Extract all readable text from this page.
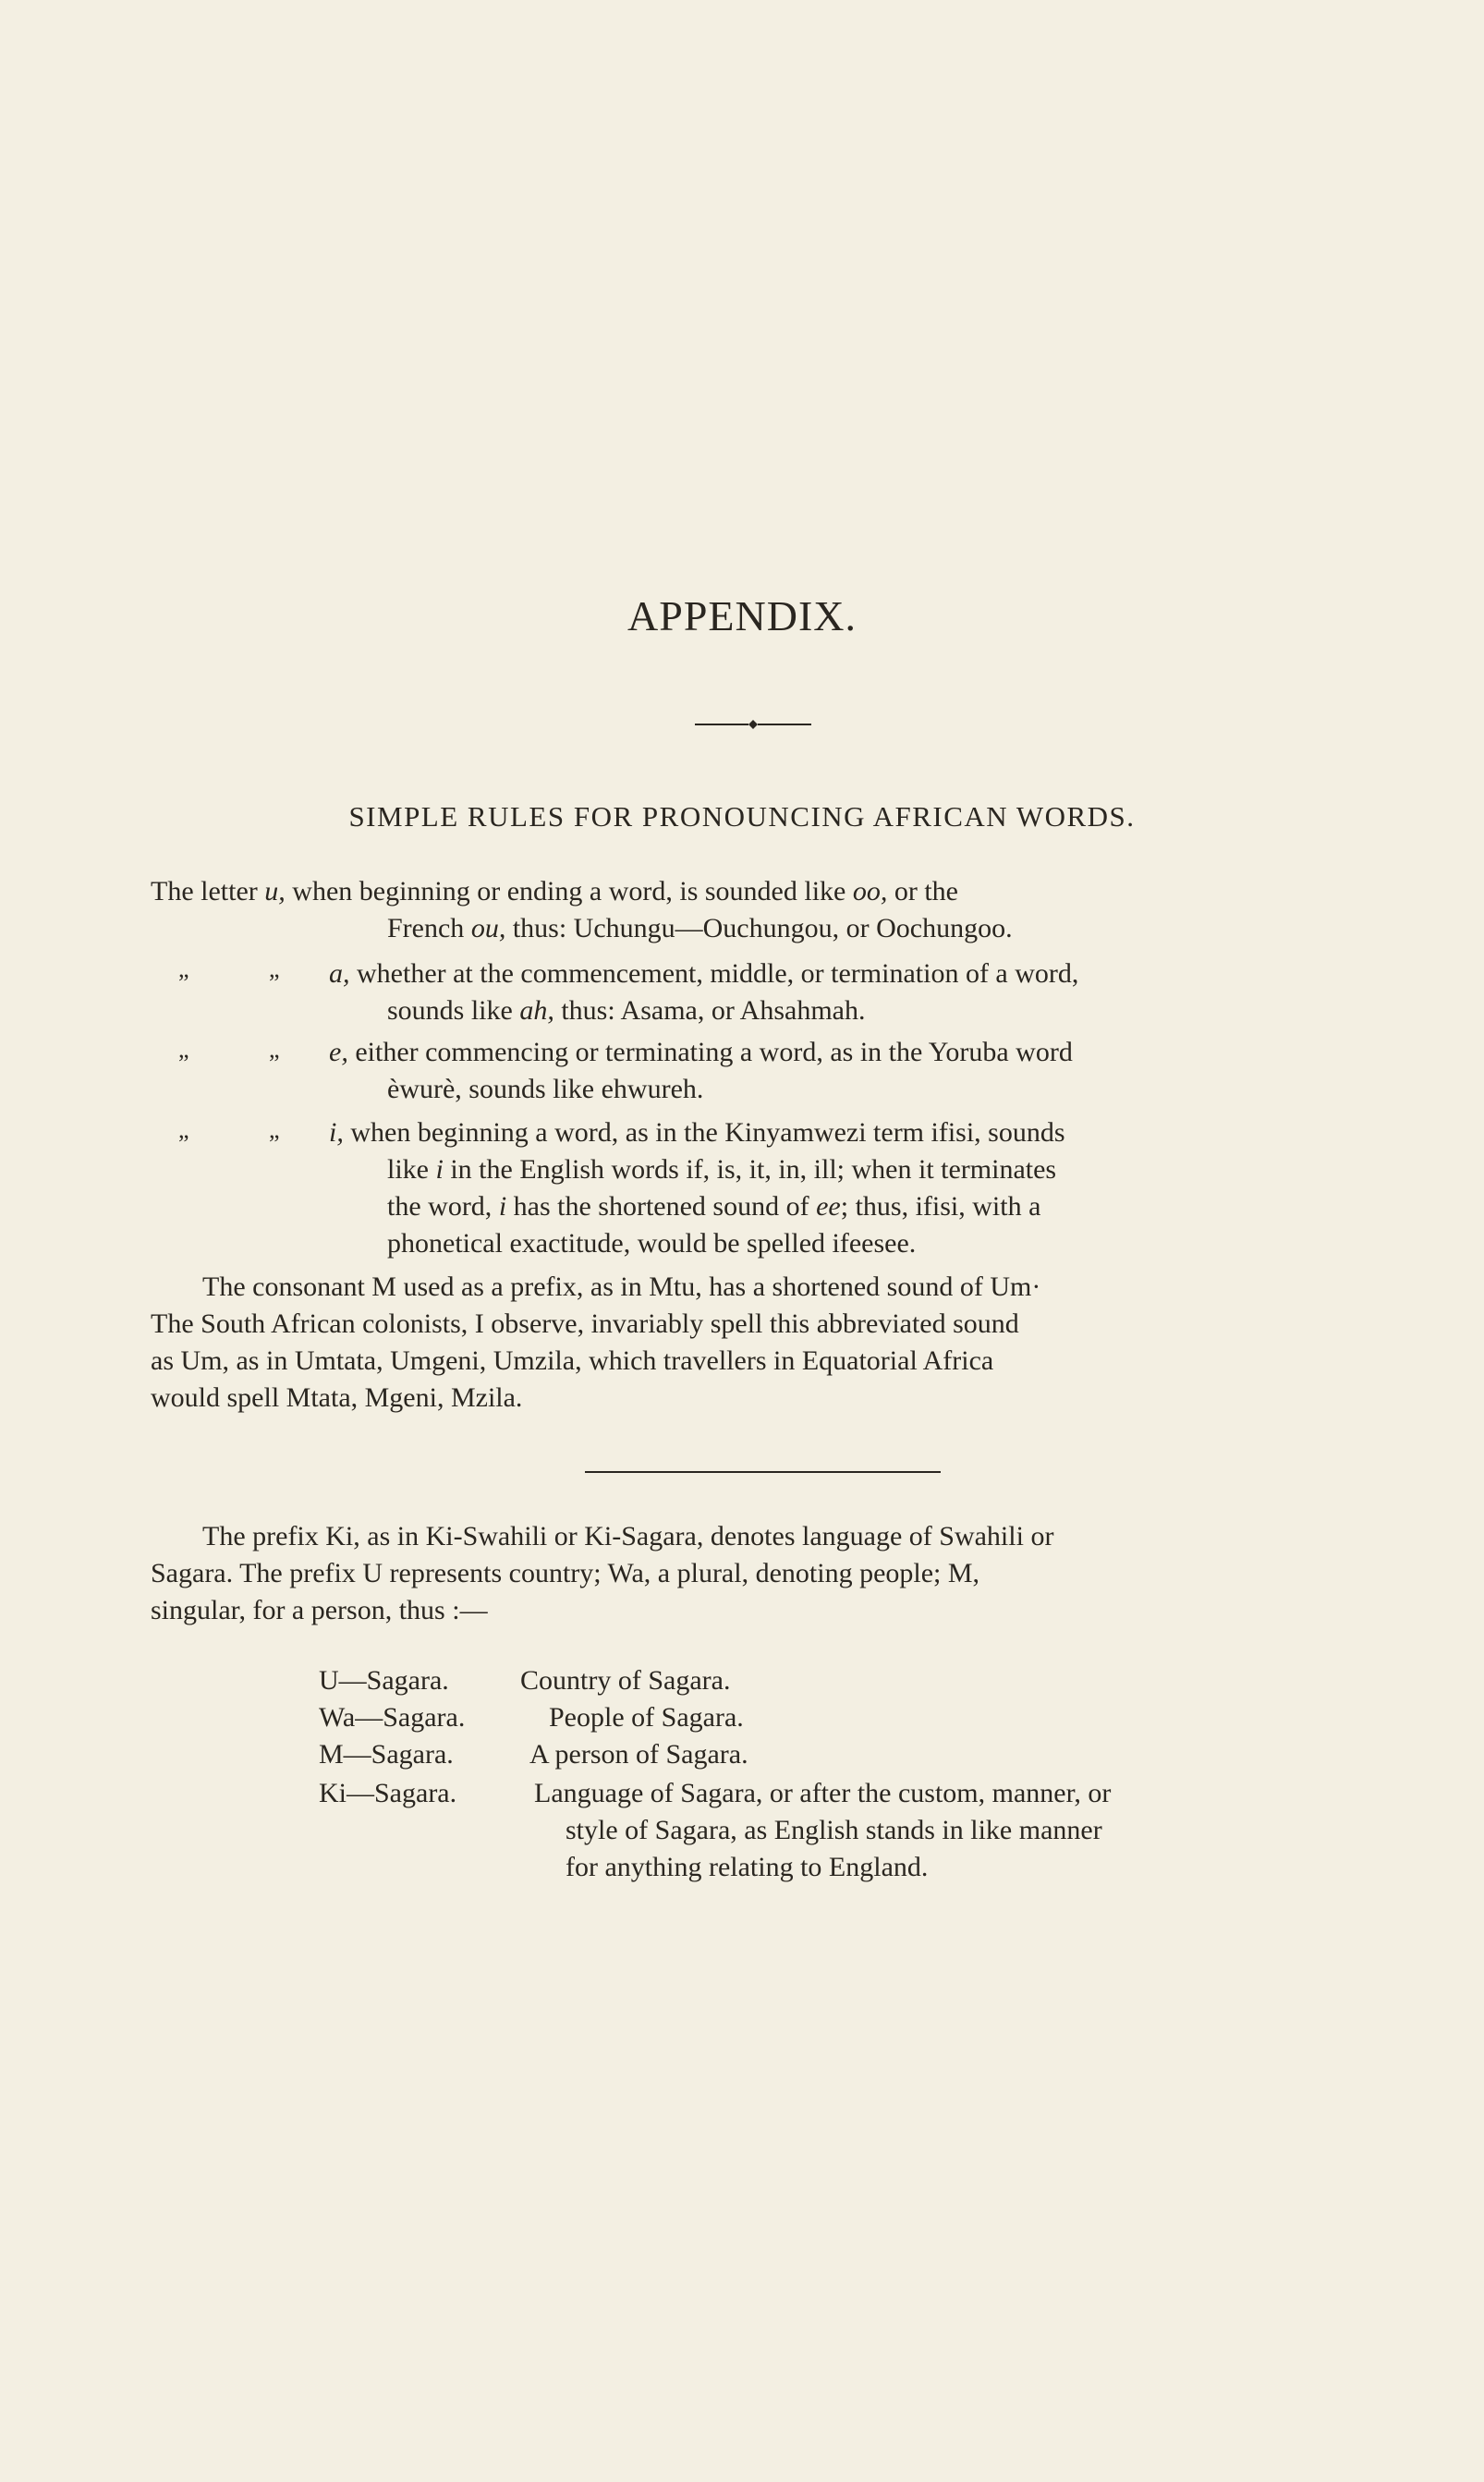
APPENDIX.
SIMPLE RULES FOR PRONOUNCING AFRICAN WORDS.
The letter u, when beginning or ending a word, is sounded like oo, or the
French ou, thus: Uchungu—Ouchungou, or Oochungoo.
„	„ a, whether at the commencement, middle, or termination of a word,
sounds like ah, thus: Asama, or Ahsahmah.
„	„ e, either commencing or terminating a word, as in the Yoruba word
èwurè, sounds like ehwureh.
„	„ i, when beginning a word, as in the Kinyamwezi term ifisi, sounds
like i in the English words if, is, it, in, ill; when it terminates
the word, i has the shortened sound of ee; thus, ifisi, with a
phonetical exactitude, would be spelled ifeesee.
The consonant M used as a prefix, as in Mtu, has a shortened sound of Um·
The South African colonists, I observe, invariably spell this abbreviated sound
as Um, as in Umtata, Umgeni, Umzila, which travellers in Equatorial Africa
would spell Mtata, Mgeni, Mzila.
The prefix Ki, as in Ki-Swahili or Ki-Sagara, denotes language of Swahili or
Sagara. The prefix U represents country; Wa, a plural, denoting people; M,
singular, for a person, thus :—
U—Sagara.	Country of Sagara.
Wa—Sagara.	People of Sagara.
M—Sagara.	A person of Sagara.
Ki—Sagara.	Language of Sagara, or after the custom, manner, or
style of Sagara, as English stands in like manner
for anything relating to England.
